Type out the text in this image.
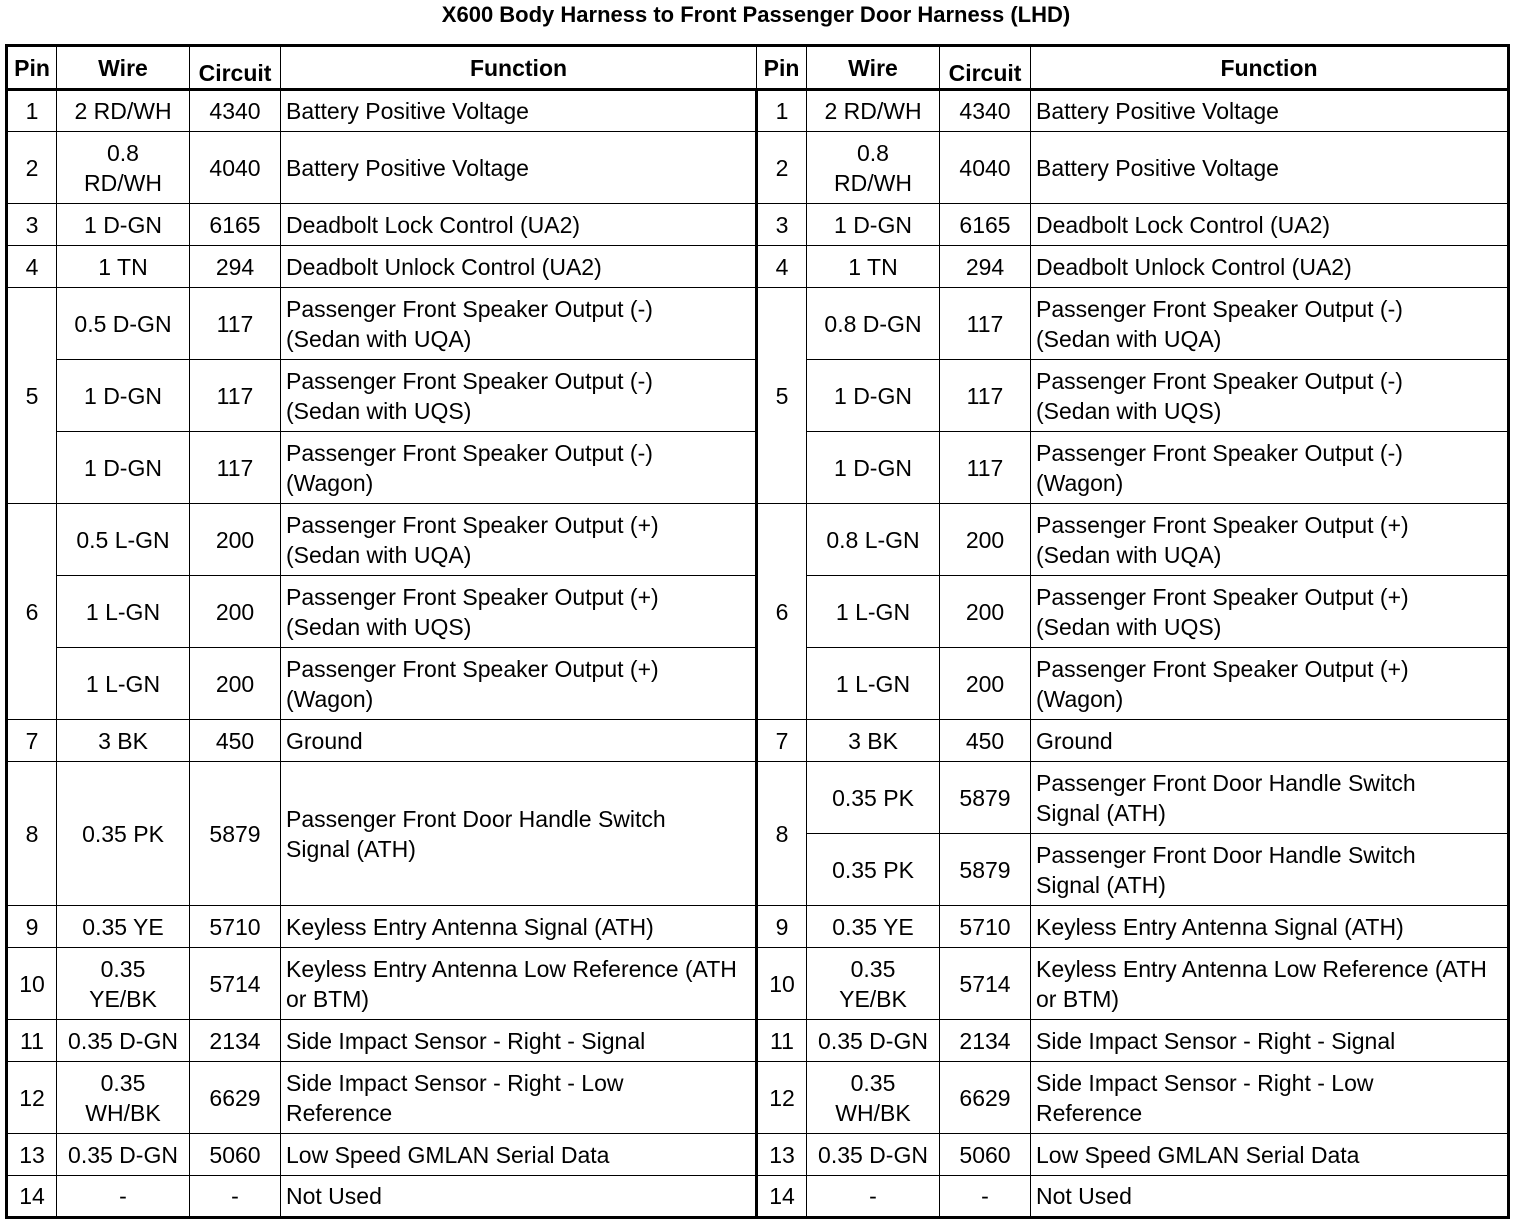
X600 Body Harness to Front Passenger Door Harness (LHD)
Pin	Wire	Circuit	Function	Pin	Wire	Circuit	Function
1	2 RD/WH	4340	Battery Positive Voltage	1	2 RD/WH	4340	Battery Positive Voltage
2	0.8 RD/WH	4040	Battery Positive Voltage	2	0.8 RD/WH	4040	Battery Positive Voltage
3	1 D-GN	6165	Deadbolt Lock Control (UA2)	3	1 D-GN	6165	Deadbolt Lock Control (UA2)
4	1 TN	294	Deadbolt Unlock Control (UA2)	4	1 TN	294	Deadbolt Unlock Control (UA2)
5	0.5 D-GN	117	Passenger Front Speaker Output (-) (Sedan with UQA)	5	0.8 D-GN	117	Passenger Front Speaker Output (-) (Sedan with UQA)
	1 D-GN	117	Passenger Front Speaker Output (-) (Sedan with UQS)		1 D-GN	117	Passenger Front Speaker Output (-) (Sedan with UQS)
	1 D-GN	117	Passenger Front Speaker Output (-) (Wagon)		1 D-GN	117	Passenger Front Speaker Output (-) (Wagon)
6	0.5 L-GN	200	Passenger Front Speaker Output (+) (Sedan with UQA)	6	0.8 L-GN	200	Passenger Front Speaker Output (+) (Sedan with UQA)
	1 L-GN	200	Passenger Front Speaker Output (+) (Sedan with UQS)		1 L-GN	200	Passenger Front Speaker Output (+) (Sedan with UQS)
	1 L-GN	200	Passenger Front Speaker Output (+) (Wagon)		1 L-GN	200	Passenger Front Speaker Output (+) (Wagon)
7	3 BK	450	Ground	7	3 BK	450	Ground
8	0.35 PK	5879	Passenger Front Door Handle Switch Signal (ATH)	8	0.35 PK	5879	Passenger Front Door Handle Switch Signal (ATH)
					0.35 PK	5879	Passenger Front Door Handle Switch Signal (ATH)
9	0.35 YE	5710	Keyless Entry Antenna Signal (ATH)	9	0.35 YE	5710	Keyless Entry Antenna Signal (ATH)
10	0.35 YE/BK	5714	Keyless Entry Antenna Low Reference (ATH or BTM)	10	0.35 YE/BK	5714	Keyless Entry Antenna Low Reference (ATH or BTM)
11	0.35 D-GN	2134	Side Impact Sensor - Right - Signal	11	0.35 D-GN	2134	Side Impact Sensor - Right - Signal
12	0.35 WH/BK	6629	Side Impact Sensor - Right - Low Reference	12	0.35 WH/BK	6629	Side Impact Sensor - Right - Low Reference
13	0.35 D-GN	5060	Low Speed GMLAN Serial Data	13	0.35 D-GN	5060	Low Speed GMLAN Serial Data
14	-	-	Not Used	14	-	-	Not Used
